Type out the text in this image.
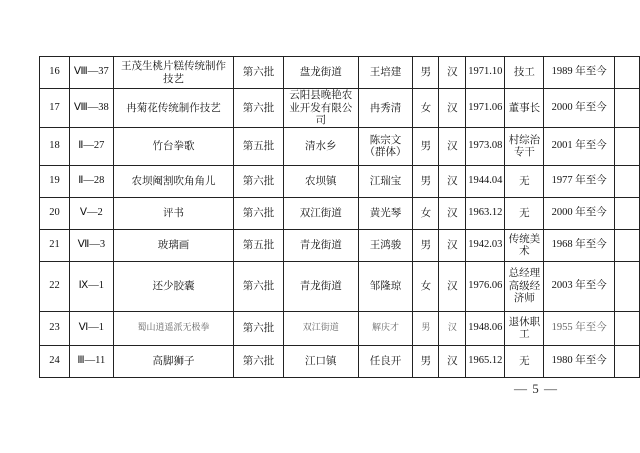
16	Ⅷ—37	王茂生桃片糕传统制作技艺	第六批	盘龙街道	王培建	男	汉	1971.10	技工	1989 年至今	
17	Ⅷ—38	冉菊花传统制作技艺	第六批	云阳县晚艳农业开发有限公司	冉秀清	女	汉	1971.06	董事长	2000 年至今	
18	Ⅱ—27	竹台拳歌	第五批	清水乡	陈宗文（群体）	男	汉	1973.08	村综治专干	2001 年至今	
19	Ⅱ—28	农坝阉割吹角角儿	第六批	农坝镇	江瑞宝	男	汉	1944.04	无	1977 年至今	
20	Ⅴ—2	评书	第六批	双江街道	黄光琴	女	汉	1963.12	无	2000 年至今	
21	Ⅶ—3	玻璃画	第五批	青龙街道	王鸿骏	男	汉	1942.03	传统美术	1968 年至今	
22	Ⅸ—1	还少胶囊	第六批	青龙街道	邹隆琼	女	汉	1976.06	总经理高级经济师	2003 年至今	
23	Ⅵ—1	蜀山逍遥派无极拳	第六批	双江街道	解庆才	男	汉	1948.06	退休职工	1955 年至今	
24	Ⅲ—11	高脚狮子	第六批	江口镇	任良开	男	汉	1965.12	无	1980 年至今	
— 5 —
